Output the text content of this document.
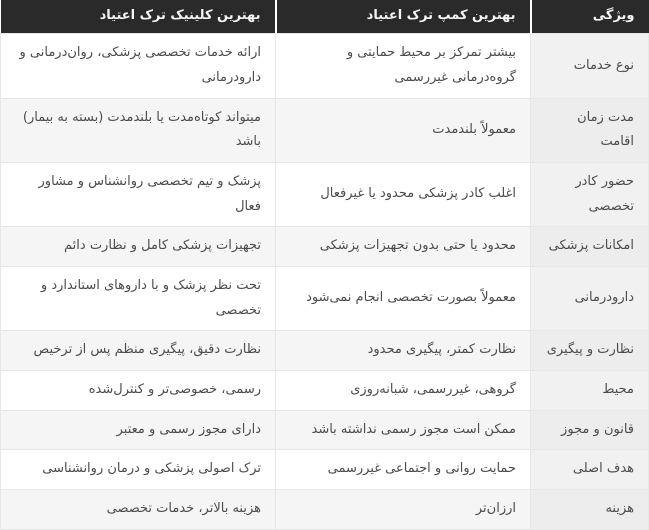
ویژگی	بهترین کمپ ترک اعتیاد	بهترین کلینیک ترک اعتیاد
نوع خدمات	بیشتر تمرکز بر محیط حمایتی و گروه‌درمانی غیررسمی	ارائه خدمات تخصصی پزشکی، روان‌درمانی و دارودرمانی
مدت زمان اقامت	معمولاً بلندمدت	میتواند کوتاه‌مدت یا بلندمدت (بسته به بیمار) باشد
حضور کادر تخصصی	اغلب کادر پزشکی محدود یا غیرفعال	پزشک و تیم تخصصی روانشناس و مشاور فعال
امکانات پزشکی	محدود یا حتی بدون تجهیزات پزشکی	تجهیزات پزشکی کامل و نظارت دائم
دارودرمانی	معمولاً بصورت تخصصی انجام نمی‌شود	تحت نظر پزشک و با داروهای استاندارد و تخصصی
نظارت و پیگیری	نظارت کمتر، پیگیری محدود	نظارت دقیق، پیگیری منظم پس از ترخیص
محیط	گروهی، غیررسمی، شبانه‌روزی	رسمی، خصوصی‌تر و کنترل‌شده
قانون و مجوز	ممکن است مجوز رسمی نداشته باشد	دارای مجوز رسمی و معتبر
هدف اصلی	حمایت روانی و اجتماعی غیررسمی	ترک اصولی پزشکی و درمان روانشناسی
هزینه	ارزان‌تر	هزینه بالاتر، خدمات تخصصی
